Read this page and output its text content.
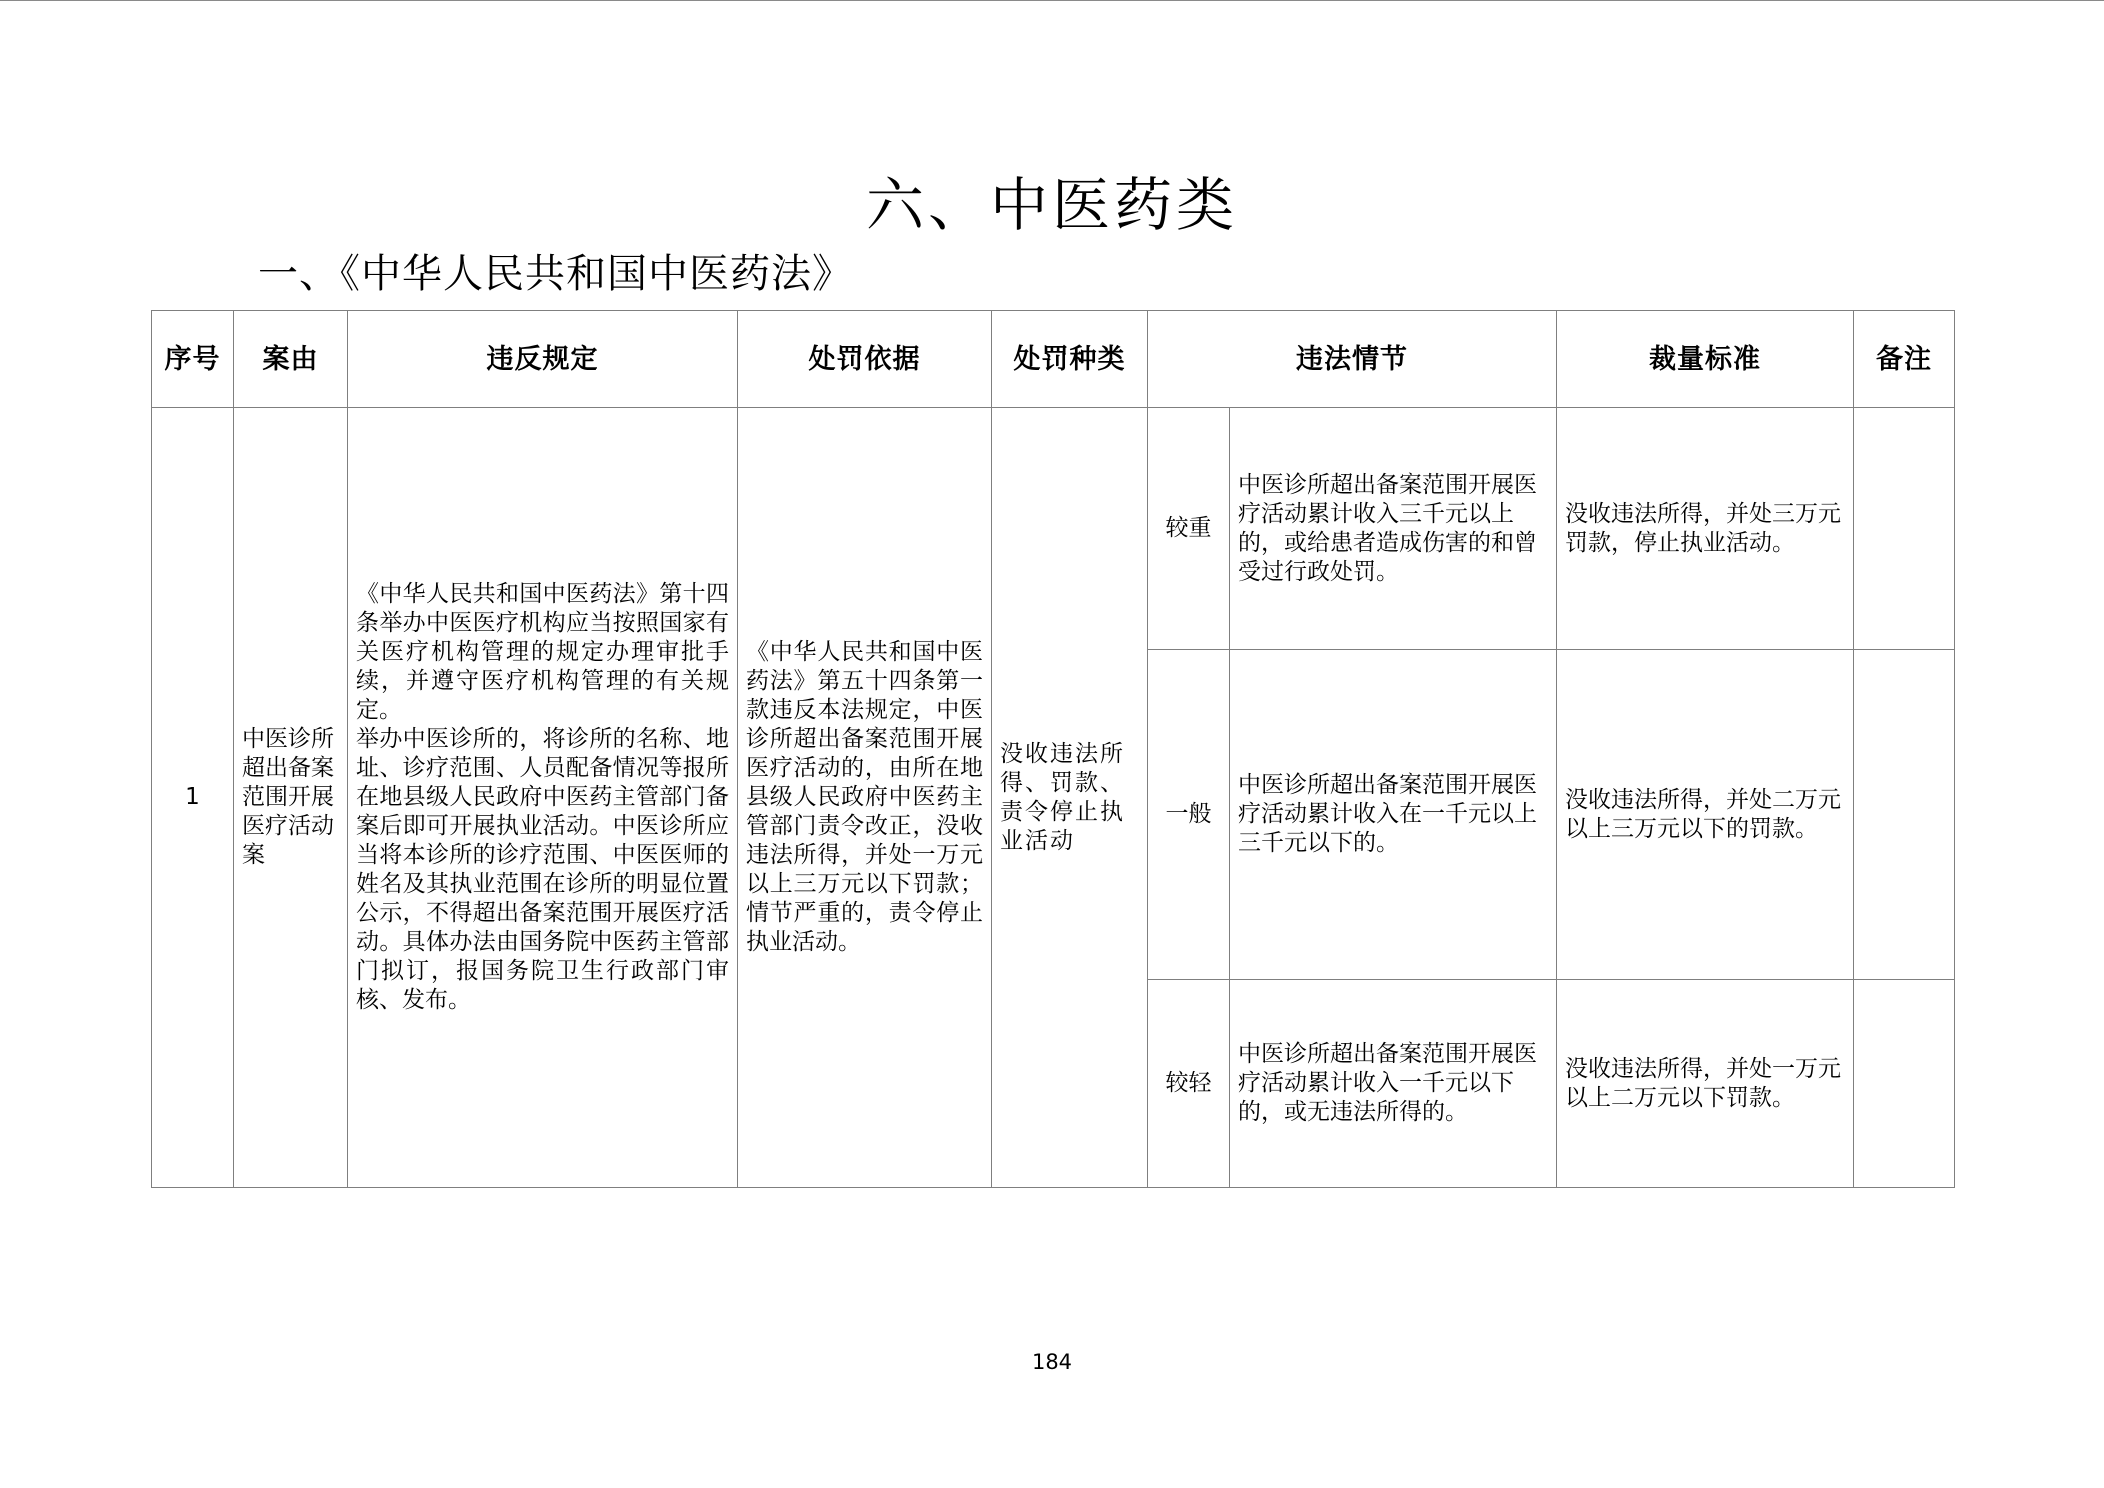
六、中医药类
一、《中华人民共和国中医药法》
序号	案由	违反规定	处罚依据	处罚种类	违法情节		裁量标准	备注
1	中医诊所超出备案范围开展医疗活动案	《中华人民共和国中医药法》第十四条举办中医医疗机构应当按照国家有关医疗机构管理的规定办理审批手续，并遵守医疗机构管理的有关规定。
举办中医诊所的，将诊所的名称、地址、诊疗范围、人员配备情况等报所在地县级人民政府中医药主管部门备案后即可开展执业活动。中医诊所应当将本诊所的诊疗范围、中医医师的姓名及其执业范围在诊所的明显位置公示，不得超出备案范围开展医疗活动。具体办法由国务院中医药主管部门拟订，报国务院卫生行政部门审核、发布。	《中华人民共和国中医药法》第五十四条第一款违反本法规定，中医诊所超出备案范围开展医疗活动的，由所在地县级人民政府中医药主管部门责令改正，没收违法所得，并处一万元以上三万元以下罚款；情节严重的，责令停止执业活动。	没收违法所得、罚款、责令停止执业活动	较重	中医诊所超出备案范围开展医疗活动累计收入三千元以上的，或给患者造成伤害的和曾受过行政处罚。	没收违法所得，并处三万元罚款，停止执业活动。	
					一般	中医诊所超出备案范围开展医疗活动累计收入在一千元以上三千元以下的。	没收违法所得，并处二万元以上三万元以下的罚款。	
					较轻	中医诊所超出备案范围开展医疗活动累计收入一千元以下的，或无违法所得的。	没收违法所得，并处一万元以上二万元以下罚款。	
184
